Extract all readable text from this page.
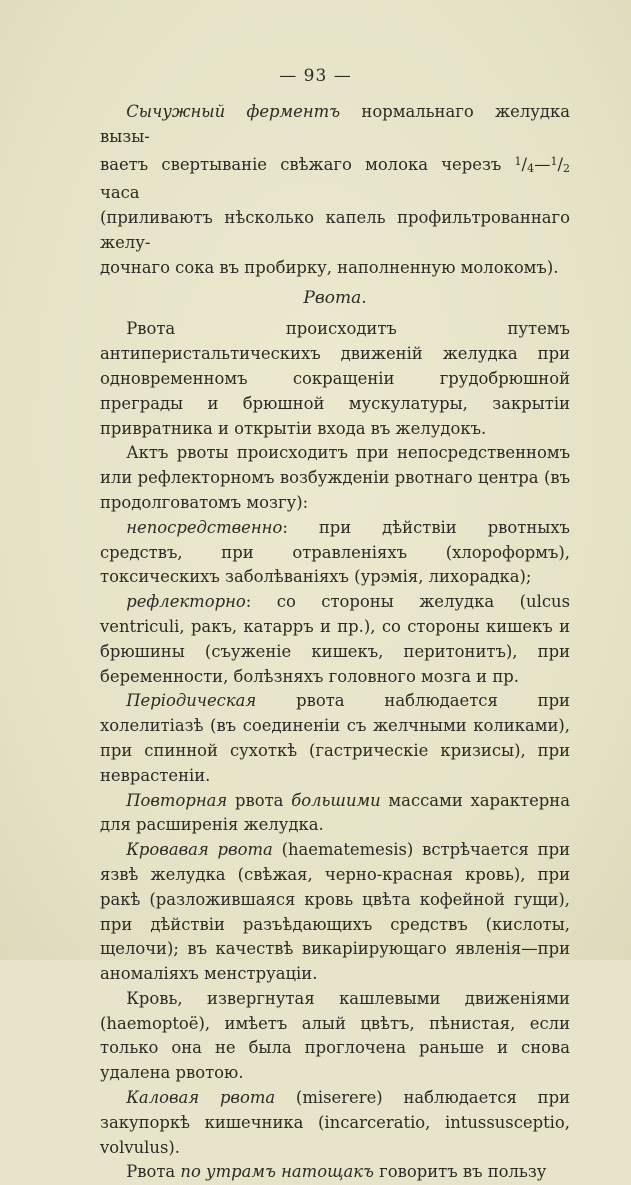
— 93 —

Сычужный ферментъ нормальнаго желудка вызы-
ваетъ свертываніе свѣжаго молока черезъ $^1/_4—^1/_2$ часа
(приливаютъ нѣсколько капель профильтрованнаго желу-
дочнаго сока въ пробирку, наполненную молокомъ).

Рвота.

Рвота происходитъ путемъ антиперистальтическихъ движеній желудка при одновременномъ сокращеніи грудобрюшной преграды и брюшной мускулатуры, закрытіи привратника и открытіи входа въ желудокъ.

Актъ рвоты происходитъ при непосредственномъ или рефлекторномъ возбужденіи рвотнаго центра (въ продолговатомъ мозгу):

непосредственно: при дѣйствіи рвотныхъ средствъ, при отравленіяхъ (хлороформъ), токсическихъ заболѣваніяхъ (урэмія, лихорадка);

рефлекторно: со стороны желудка (ulcus ventriculi, ракъ, катарръ и пр.), со стороны кишекъ и брюшины (съуженіе кишекъ, перитонитъ), при беременности, болѣзняхъ головного мозга и пр.

Періодическая рвота наблюдается при холелитіазѣ (въ соединеніи съ желчными коликами), при спинной сухоткѣ (гастрическіе кризисы), при неврастеніи.

Повторная рвота большими массами характерна для расширенія желудка.

Кровавая рвота (haematemesis) встрѣчается при язвѣ желудка (свѣжая, черно-красная кровь), при ракѣ (разложившаяся кровь цвѣта кофейной гущи), при дѣйствіи разъѣдающихъ средствъ (кислоты, щелочи); въ качествѣ викаріирующаго явленія—при аномаліяхъ менструаціи.

Кровь, извергнутая кашлевыми движеніями (haemoptoë), имѣетъ алый цвѣтъ, пѣнистая, если только она не была проглочена раньше и снова удалена рвотою.

Каловая рвота (miserere) наблюдается при закупоркѣ кишечника (incarceratio, intussusceptio, volvulus).

Рвота по утрамъ натощакъ говоритъ въ пользу
